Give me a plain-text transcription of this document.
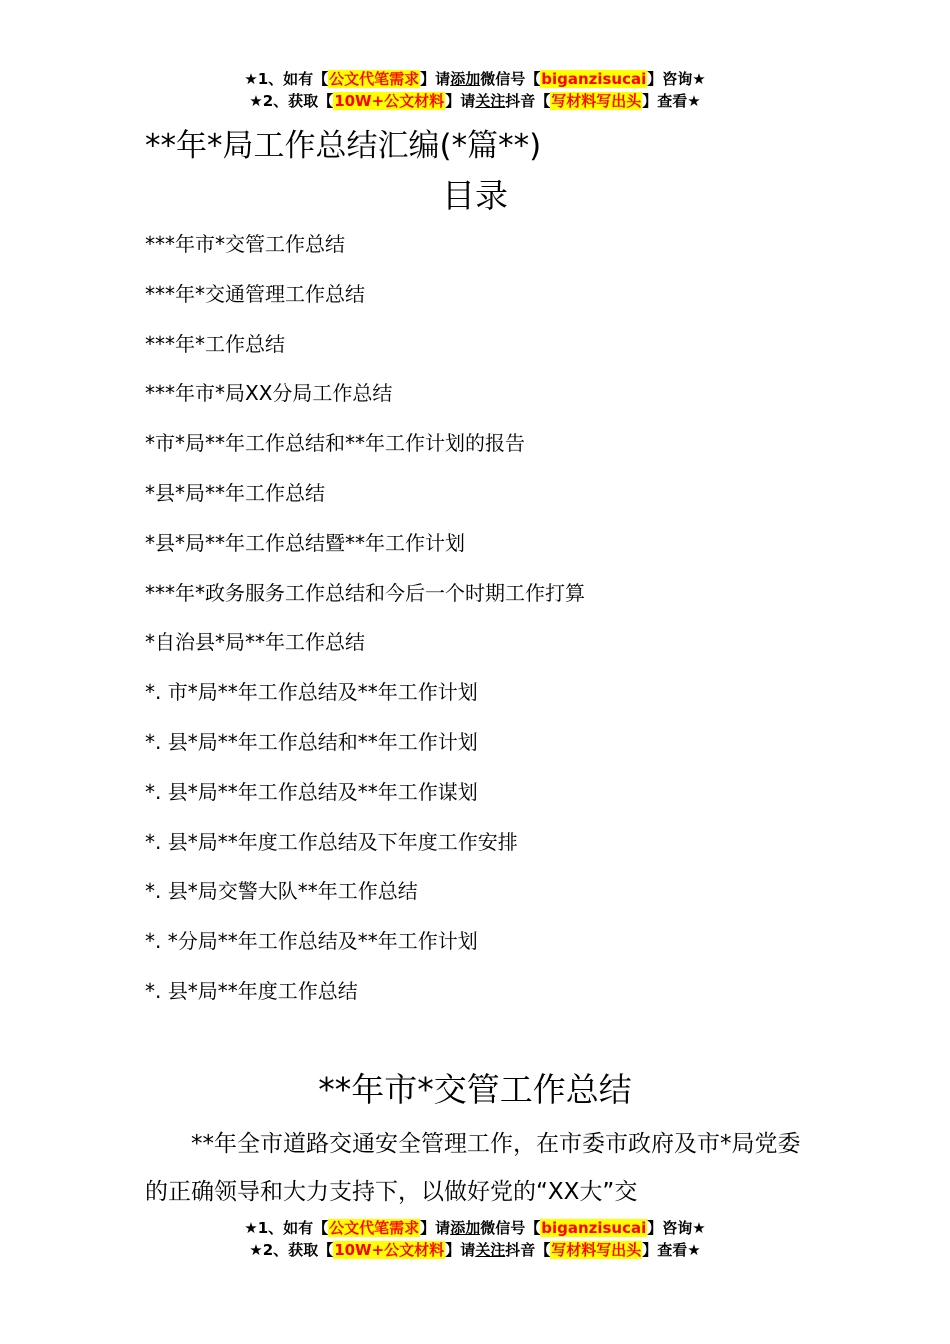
★1、如有【公文代笔需求】请添加微信号【biganzisucai】咨询★
★2、获取【10W+公文材料】请关注抖音【写材料写出头】查看★
**年*局工作总结汇编(*篇**)
目录
***年市*交管工作总结
***年*交通管理工作总结
***年*工作总结
***年市*局XX分局工作总结
*市*局**年工作总结和**年工作计划的报告
*县*局**年工作总结
*县*局**年工作总结暨**年工作计划
***年*政务服务工作总结和今后一个时期工作打算
*自治县*局**年工作总结
*. 市*局**年工作总结及**年工作计划
*. 县*局**年工作总结和**年工作计划
*. 县*局**年工作总结及**年工作谋划
*. 县*局**年度工作总结及下年度工作安排
*. 县*局交警大队**年工作总结
*. *分局**年工作总结及**年工作计划
*. 县*局**年度工作总结
**年市*交管工作总结

**年全市道路交通安全管理工作，在市委市政府及市*局党委的正确领导和大力支持下，以做好党的“XX大”交

★1、如有【公文代笔需求】请添加微信号【biganzisucai】咨询★
★2、获取【10W+公文材料】请关注抖音【写材料写出头】查看★
